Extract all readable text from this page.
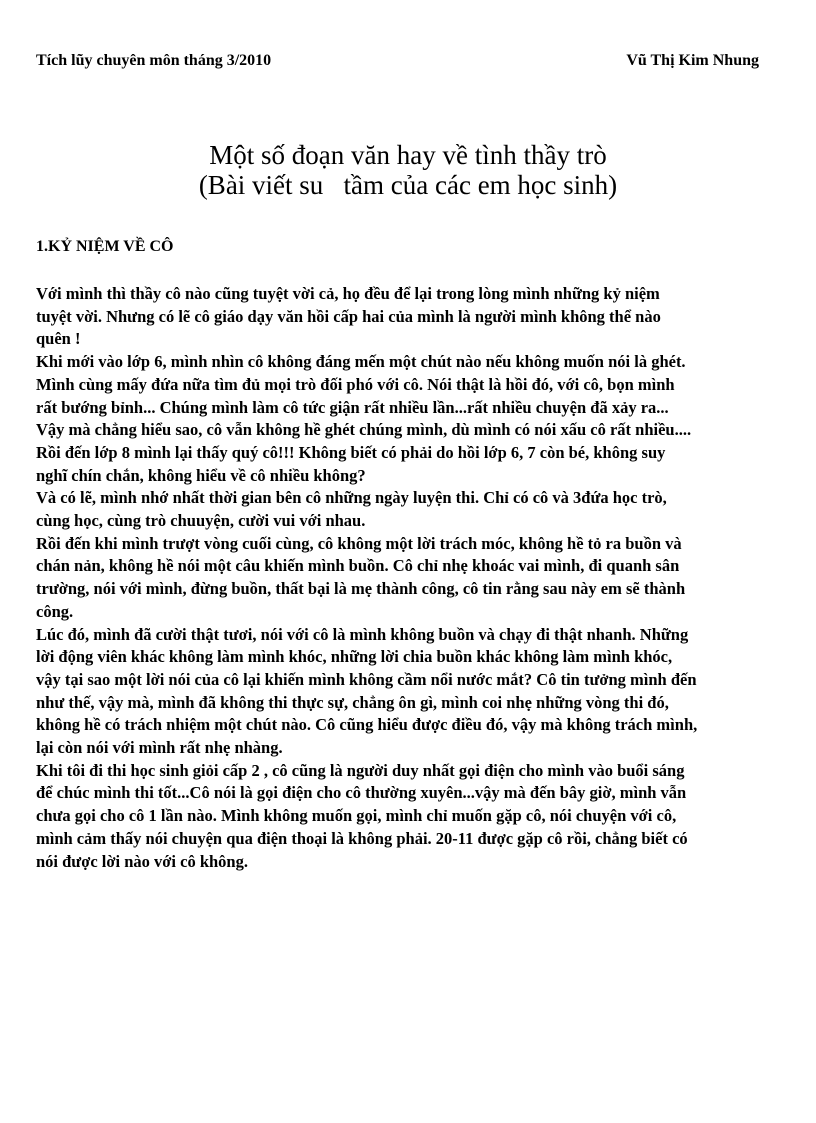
Tích lũy chuyên môn tháng 3/2010	Vũ Thị Kim Nhung
Một số đoạn văn hay về tình thầy trò
(Bài viết su   tầm của các em học sinh)
1.KỶ NIỆM VỀ CÔ
Với mình thì thầy cô nào cũng tuyệt vời cả, họ đều để lại trong lòng mình những kỷ niệm
tuyệt vời. Nhưng có lẽ cô giáo dạy văn hồi cấp hai của mình là người mình không thể nào
quên !
Khi mới vào lớp 6, mình nhìn cô không đáng mến một chút nào nếu không muốn nói là ghét.
Mình cùng mấy đứa nữa tìm đủ mọi trò đối phó với cô. Nói thật là hồi đó, với cô, bọn mình
rất bướng bỉnh... Chúng mình làm cô tức giận rất nhiều lần...rất nhiều chuyện đã xảy ra...
Vậy mà chẳng hiểu sao, cô vẫn không hề ghét chúng mình, dù mình có nói xấu cô rất nhiều....
Rồi đến lớp 8 mình lại thấy quý cô!!! Không biết có phải do hồi lớp 6, 7 còn bé, không suy
nghĩ chín chắn, không hiểu về cô nhiều không?
Và có lẽ, mình nhớ nhất thời gian bên cô những ngày luyện thi. Chỉ có cô và 3đứa học trò,
cùng học, cùng trò chuuyện, cười vui với nhau.
Rồi đến khi mình trượt vòng cuối cùng, cô không một lời trách móc, không hề tỏ ra buồn và
chán nản, không hề nói một câu khiến mình buồn. Cô chỉ nhẹ khoác vai mình, đi quanh sân
trường, nói với mình, đừng buồn, thất bại là mẹ thành công, cô tin rằng sau này em sẽ thành
công.
Lúc đó, mình đã cười thật tươi, nói với cô là mình không buồn và chạy đi thật nhanh. Những
lời động viên khác không làm mình khóc, những lời chia buồn khác không làm mình khóc,
vậy tại sao một lời nói của cô lại khiến mình không cầm nổi nước mắt? Cô tin tưởng mình đến
như thế, vậy mà, mình đã không thi thực sự, chẳng ôn gì, mình coi nhẹ những vòng thi đó,
không hề có trách nhiệm một chút nào. Cô cũng hiểu được điều đó, vậy mà không trách mình,
lại còn nói với mình rất nhẹ nhàng.
Khi tôi đi thi học sinh giỏi cấp 2 , cô cũng là người duy nhất gọi điện cho mình vào buổi sáng
để chúc mình thi tốt...Cô nói là gọi điện cho cô thường xuyên...vậy mà đến bây giờ, mình vẫn
chưa gọi cho cô 1 lần nào. Mình không muốn gọi, mình chỉ muốn gặp cô, nói chuyện với cô,
mình cảm thấy nói chuyện qua điện thoại là không phải. 20-11 được gặp cô rồi, chẳng biết có
nói được lời nào với cô không.
